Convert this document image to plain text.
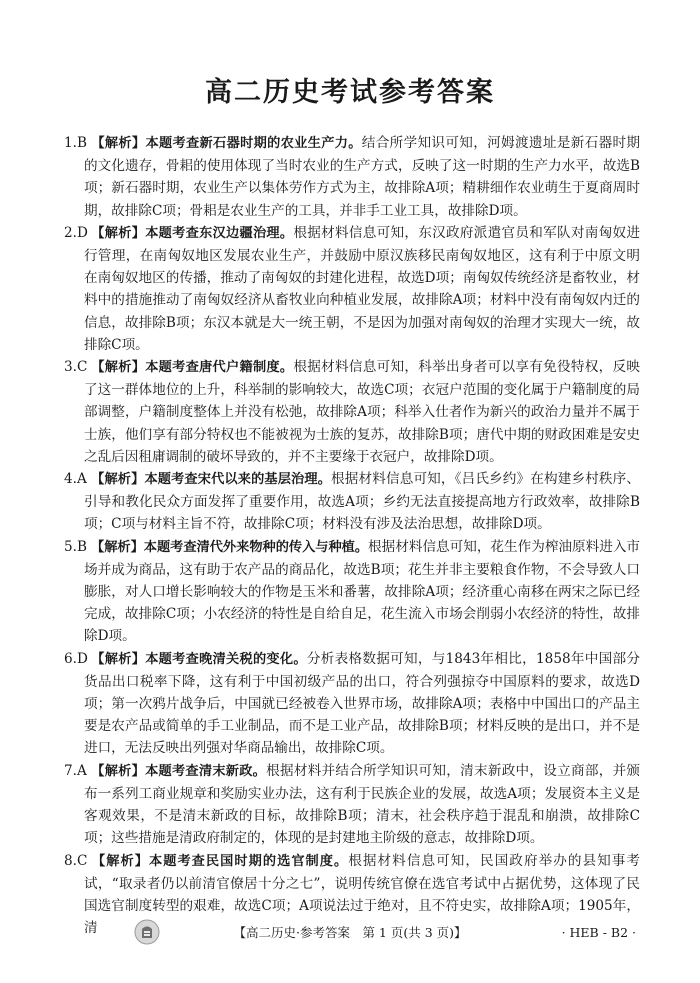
高二历史考试参考答案

1.B
　 【解析】本题考查新石器时期的农业生产力。结合所学知识可知，河姆渡遗址是新石器时期的文化遗存，骨耜的使用体现了当时农业的生产方式，反映了这一时期的生产力水平，故选B项；新石器时期，农业生产以集体劳作方式为主，故排除A项；精耕细作农业萌生于夏商周时期，故排除C项；骨耜是农业生产的工具，并非手工业工具，故排除D项。

2.D
　 【解析】本题考查东汉边疆治理。根据材料信息可知，东汉政府派遣官员和军队对南匈奴进行管理，在南匈奴地区发展农业生产，并鼓励中原汉族移民南匈奴地区，这有利于中原文明在南匈奴地区的传播，推动了南匈奴的封建化进程，故选D项；南匈奴传统经济是畜牧业，材料中的措施推动了南匈奴经济从畜牧业向种植业发展，故排除A项；材料中没有南匈奴内迁的信息，故排除B项；东汉本就是大一统王朝，不是因为加强对南匈奴的治理才实现大一统，故排除C项。

3.C
　 【解析】本题考查唐代户籍制度。根据材料信息可知，科举出身者可以享有免役特权，反映了这一群体地位的上升，科举制的影响较大，故选C项；衣冠户范围的变化属于户籍制度的局部调整，户籍制度整体上并没有松弛，故排除A项；科举入仕者作为新兴的政治力量并不属于士族，他们享有部分特权也不能被视为士族的复苏，故排除B项；唐代中期的财政困难是安史之乱后因租庸调制的破坏导致的，并不主要缘于衣冠户，故排除D项。

4.A
　 【解析】本题考查宋代以来的基层治理。根据材料信息可知，《吕氏乡约》在构建乡村秩序、引导和教化民众方面发挥了重要作用，故选A项；乡约无法直接提高地方行政效率，故排除B项；C项与材料主旨不符，故排除C项；材料没有涉及法治思想，故排除D项。

5.B
　 【解析】本题考查清代外来物种的传入与种植。根据材料信息可知，花生作为榨油原料进入市场并成为商品，这有助于农产品的商品化，故选B项；花生并非主要粮食作物，不会导致人口膨胀，对人口增长影响较大的作物是玉米和番薯，故排除A项；经济重心南移在两宋之际已经完成，故排除C项；小农经济的特性是自给自足，花生流入市场会削弱小农经济的特性，故排除D项。

6.D
　 【解析】本题考查晚清关税的变化。分析表格数据可知，与1843年相比，1858年中国部分货品出口税率下降，这有利于中国初级产品的出口，符合列强掠夺中国原料的要求，故选D项；第一次鸦片战争后，中国就已经被卷入世界市场，故排除A项；表格中中国出口的产品主要是农产品或简单的手工业制品，而不是工业产品，故排除B项；材料反映的是出口，并不是进口，无法反映出列强对华商品输出，故排除C项。

7.A
　 【解析】本题考查清末新政。根据材料并结合所学知识可知，清末新政中，设立商部，并颁布一系列工商业规章和奖励实业办法，这有利于民族企业的发展，故选A项；发展资本主义是客观效果，不是清末新政的目标，故排除B项；清末，社会秩序趋于混乱和崩溃，故排除C项；这些措施是清政府制定的，体现的是封建地主阶级的意志，故排除D项。

8.C
　 【解析】本题考查民国时期的选官制度。根据材料信息可知，民国政府举办的县知事考试，“取录者仍以前清官僚居十分之七”，说明传统官僚在选官考试中占据优势，这体现了民国选官制度转型的艰难，故选C项；A项说法过于绝对，且不符史实，故排除A项；1905年，清	【高二历史·参考答案　第 1 页(共 3 页)】	· HEB - B2 ·
